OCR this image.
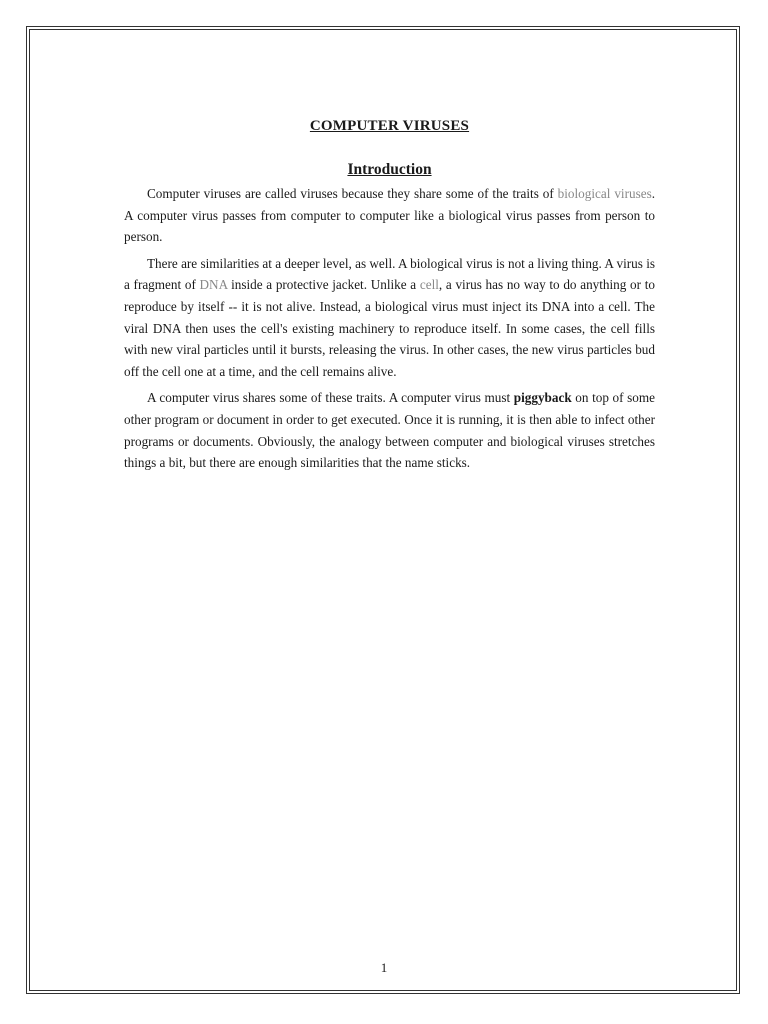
COMPUTER VIRUSES
Introduction

Computer viruses are called viruses because they share some of the traits of biological viruses. A computer virus passes from computer to computer like a biological virus passes from person to person.

There are similarities at a deeper level, as well. A biological virus is not a living thing. A virus is a fragment of DNA inside a protective jacket. Unlike a cell, a virus has no way to do anything or to reproduce by itself -- it is not alive. Instead, a biological virus must inject its DNA into a cell. The viral DNA then uses the cell's existing machinery to reproduce itself. In some cases, the cell fills with new viral particles until it bursts, releasing the virus. In other cases, the new virus particles bud off the cell one at a time, and the cell remains alive.

A computer virus shares some of these traits. A computer virus must piggyback on top of some other program or document in order to get executed. Once it is running, it is then able to infect other programs or documents. Obviously, the analogy between computer and biological viruses stretches things a bit, but there are enough similarities that the name sticks.

1
